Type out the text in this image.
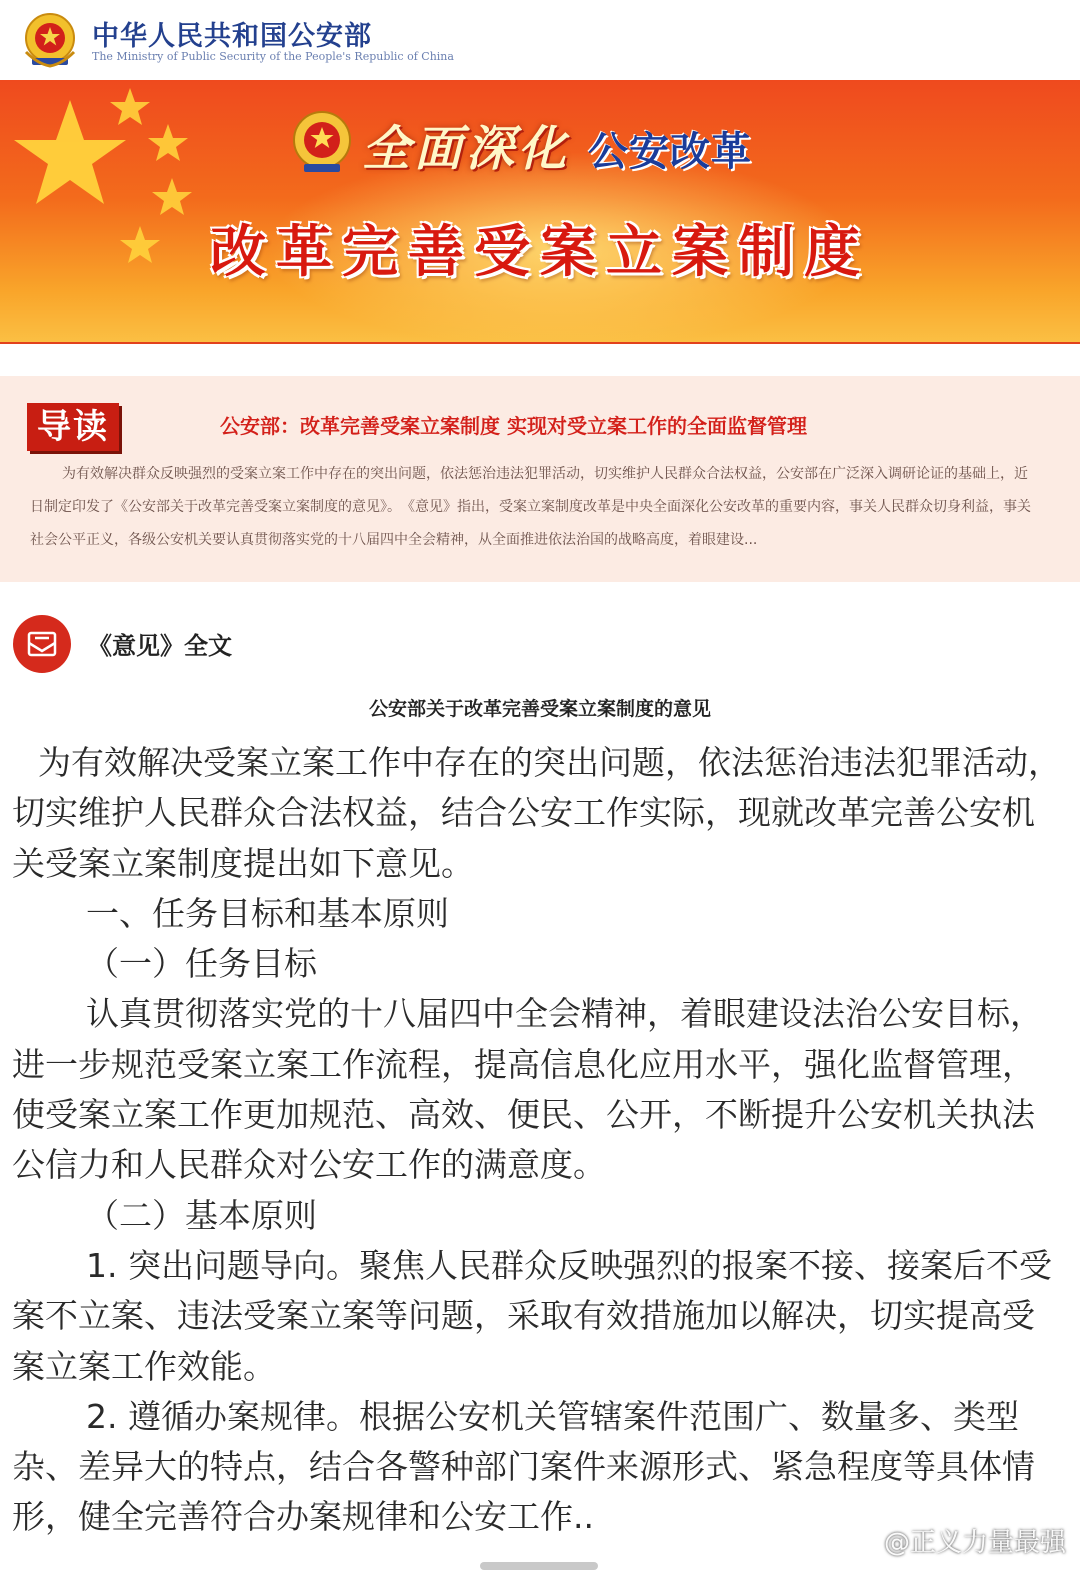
中华人民共和国公安部
The Ministry of Public Security of the People's Republic of China
全面深化 公安改革
改革完善受案立案制度
导读	公安部：改革完善受案立案制度 实现对受立案工作的全面监督管理
为有效解决群众反映强烈的受案立案工作中存在的突出问题，依法惩治违法犯罪活动，切实维护人民群众合法权益，公安部在广泛深入调研论证的基础上，近日制定印发了《公安部关于改革完善受案立案制度的意见》。　《意见》指出，受案立案制度改革是中央全面深化公安改革的重要内容，事关人民群众切身利益，事关社会公平正义，各级公安机关要认真贯彻落实党的十八届四中全会精神，从全面推进依法治国的战略高度，着眼建设...
《意见》全文
公安部关于改革完善受案立案制度的意见

为有效解决受案立案工作中存在的突出问题，依法惩治违法犯罪活动，切实维护人民群众合法权益，结合公安工作实际，现就改革完善公安机关受案立案制度提出如下意见。

一、任务目标和基本原则

（一）任务目标

认真贯彻落实党的十八届四中全会精神，着眼建设法治公安目标，进一步规范受案立案工作流程，提高信息化应用水平，强化监督管理，使受案立案工作更加规范、高效、便民、公开，不断提升公安机关执法公信力和人民群众对公安工作的满意度。

（二）基本原则

1. 突出问题导向。聚焦人民群众反映强烈的报案不接、接案后不受案不立案、违法受案立案等问题，采取有效措施加以解决，切实提高受案立案工作效能。

2. 遵循办案规律。根据公安机关管辖案件范围广、数量多、类型杂、差异大的特点，结合各警种部门案件来源形式、紧急程度等具体情形，健全完善符合办案规律和公安工作..

@正义力量最强
